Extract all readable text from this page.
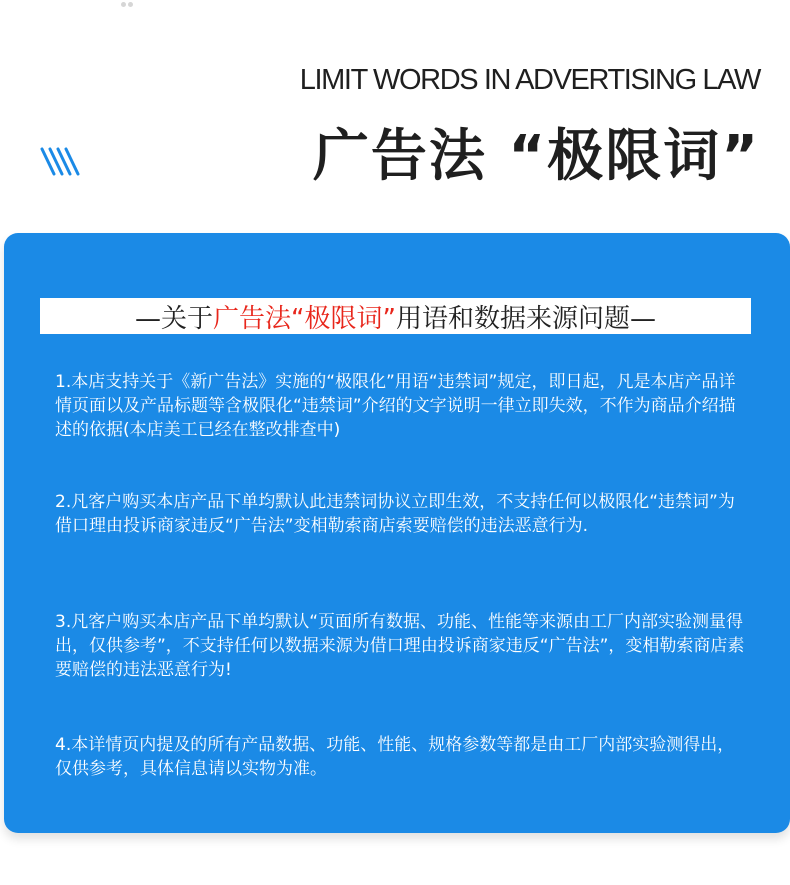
LIMIT WORDS IN ADVERTISING LAW
广告法 “极限词”
—关于 广告法“极限词” 用语和数据来源问题—
1.本店支持关于《新广告法》实施的“极限化”用语“违禁词”规定，即日起，凡是本店产品详情页面以及产品标题等含极限化“违禁词”介绍的文字说明一律立即失效，不作为商品介绍描述的依据(本店美工已经在整改排查中)
2.凡客户购买本店产品下单均默认此违禁词协议立即生效，不支持任何以极限化“违禁词”为借口理由投诉商家违反“广告法”变相勒索商店索要赔偿的违法恶意行为.
3.凡客户购买本店产品下单均默认“页面所有数据、功能、性能等来源由工厂内部实验测量得出，仅供参考”，不支持任何以数据来源为借口理由投诉商家违反“广告法”，变相勒索商店素要赔偿的违法恶意行为!
4.本详情页内提及的所有产品数据、功能、性能、规格参数等都是由工厂内部实验测得出，仅供参考，具体信息请以实物为准。
